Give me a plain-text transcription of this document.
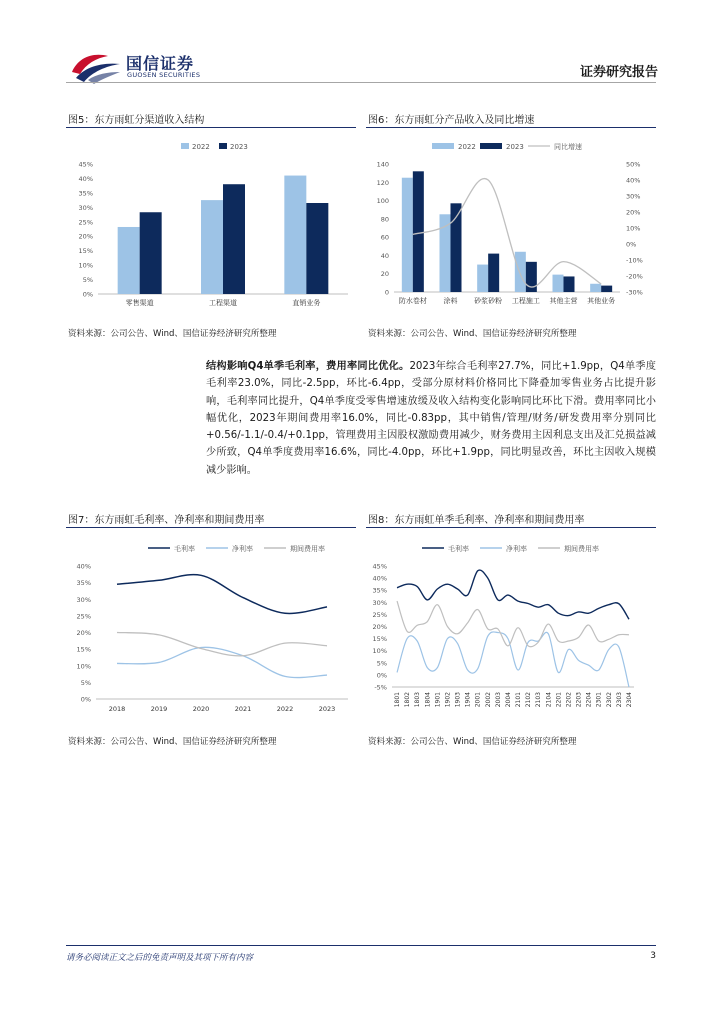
国信证券
GUOSEN SECURITIES	证券研究报告
图5：东方雨虹分渠道收入结构
2022	2023
0%
5%
10%
15%
20%
25%
30%
35%
40%
45%
零售渠道	工程渠道	直销业务
资料来源：公司公告、Wind、国信证券经济研究所整理
图6：东方雨虹分产品收入及同比增速
2022	2023	同比增速
0
20
40
60
80
100
120
140
-30%
-20%
-10%
0%
10%
20%
30%
40%
50%
防水卷材 涂料 砂浆砂粉 工程施工 其他主营 其他业务
资料来源：公司公告、Wind、国信证券经济研究所整理
结构影响Q4单季毛利率，费用率同比优化。2023年综合毛利率27.7%，同比+1.9pp，Q4单季度毛利率23.0%，同比-2.5pp，环比-6.4pp，受部分原材料价格同比下降叠加零售业务占比提升影响，毛利率同比提升，Q4单季度受零售增速放缓及收入结构变化影响同比环比下滑。费用率同比小幅优化，2023年期间费用率16.0%，同比-0.83pp，其中销售/管理/财务/研发费用率分别同比+0.56/-1.1/-0.4/+0.1pp，管理费用主因股权激励费用减少，财务费用主因利息支出及汇兑损益减少所致，Q4单季度费用率16.6%，同比-4.0pp，环比+1.9pp，同比明显改善，环比主因收入规模减少影响。
图7：东方雨虹毛利率、净利率和期间费用率
毛利率	净利率	期间费用率
0%
5%
10%
15%
20%
25%
30%
35%
40%
2018	2019	2020	2021	2022	2023
资料来源：公司公告、Wind、国信证券经济研究所整理
图8：东方雨虹单季毛利率、净利率和期间费用率
毛利率	净利率	期间费用率
-5%
0%
5%
10%
15%
20%
25%
30%
35%
40%
45%
1801 1802 1803 1804 1901 1902 1903 1904 2001 2002 2003 2004 2101 2102 2103 2104 2201 2202 2203 2204 2301 2302 2303 2304
资料来源：公司公告、Wind、国信证券经济研究所整理
请务必阅读正文之后的免责声明及其项下所有内容	3
